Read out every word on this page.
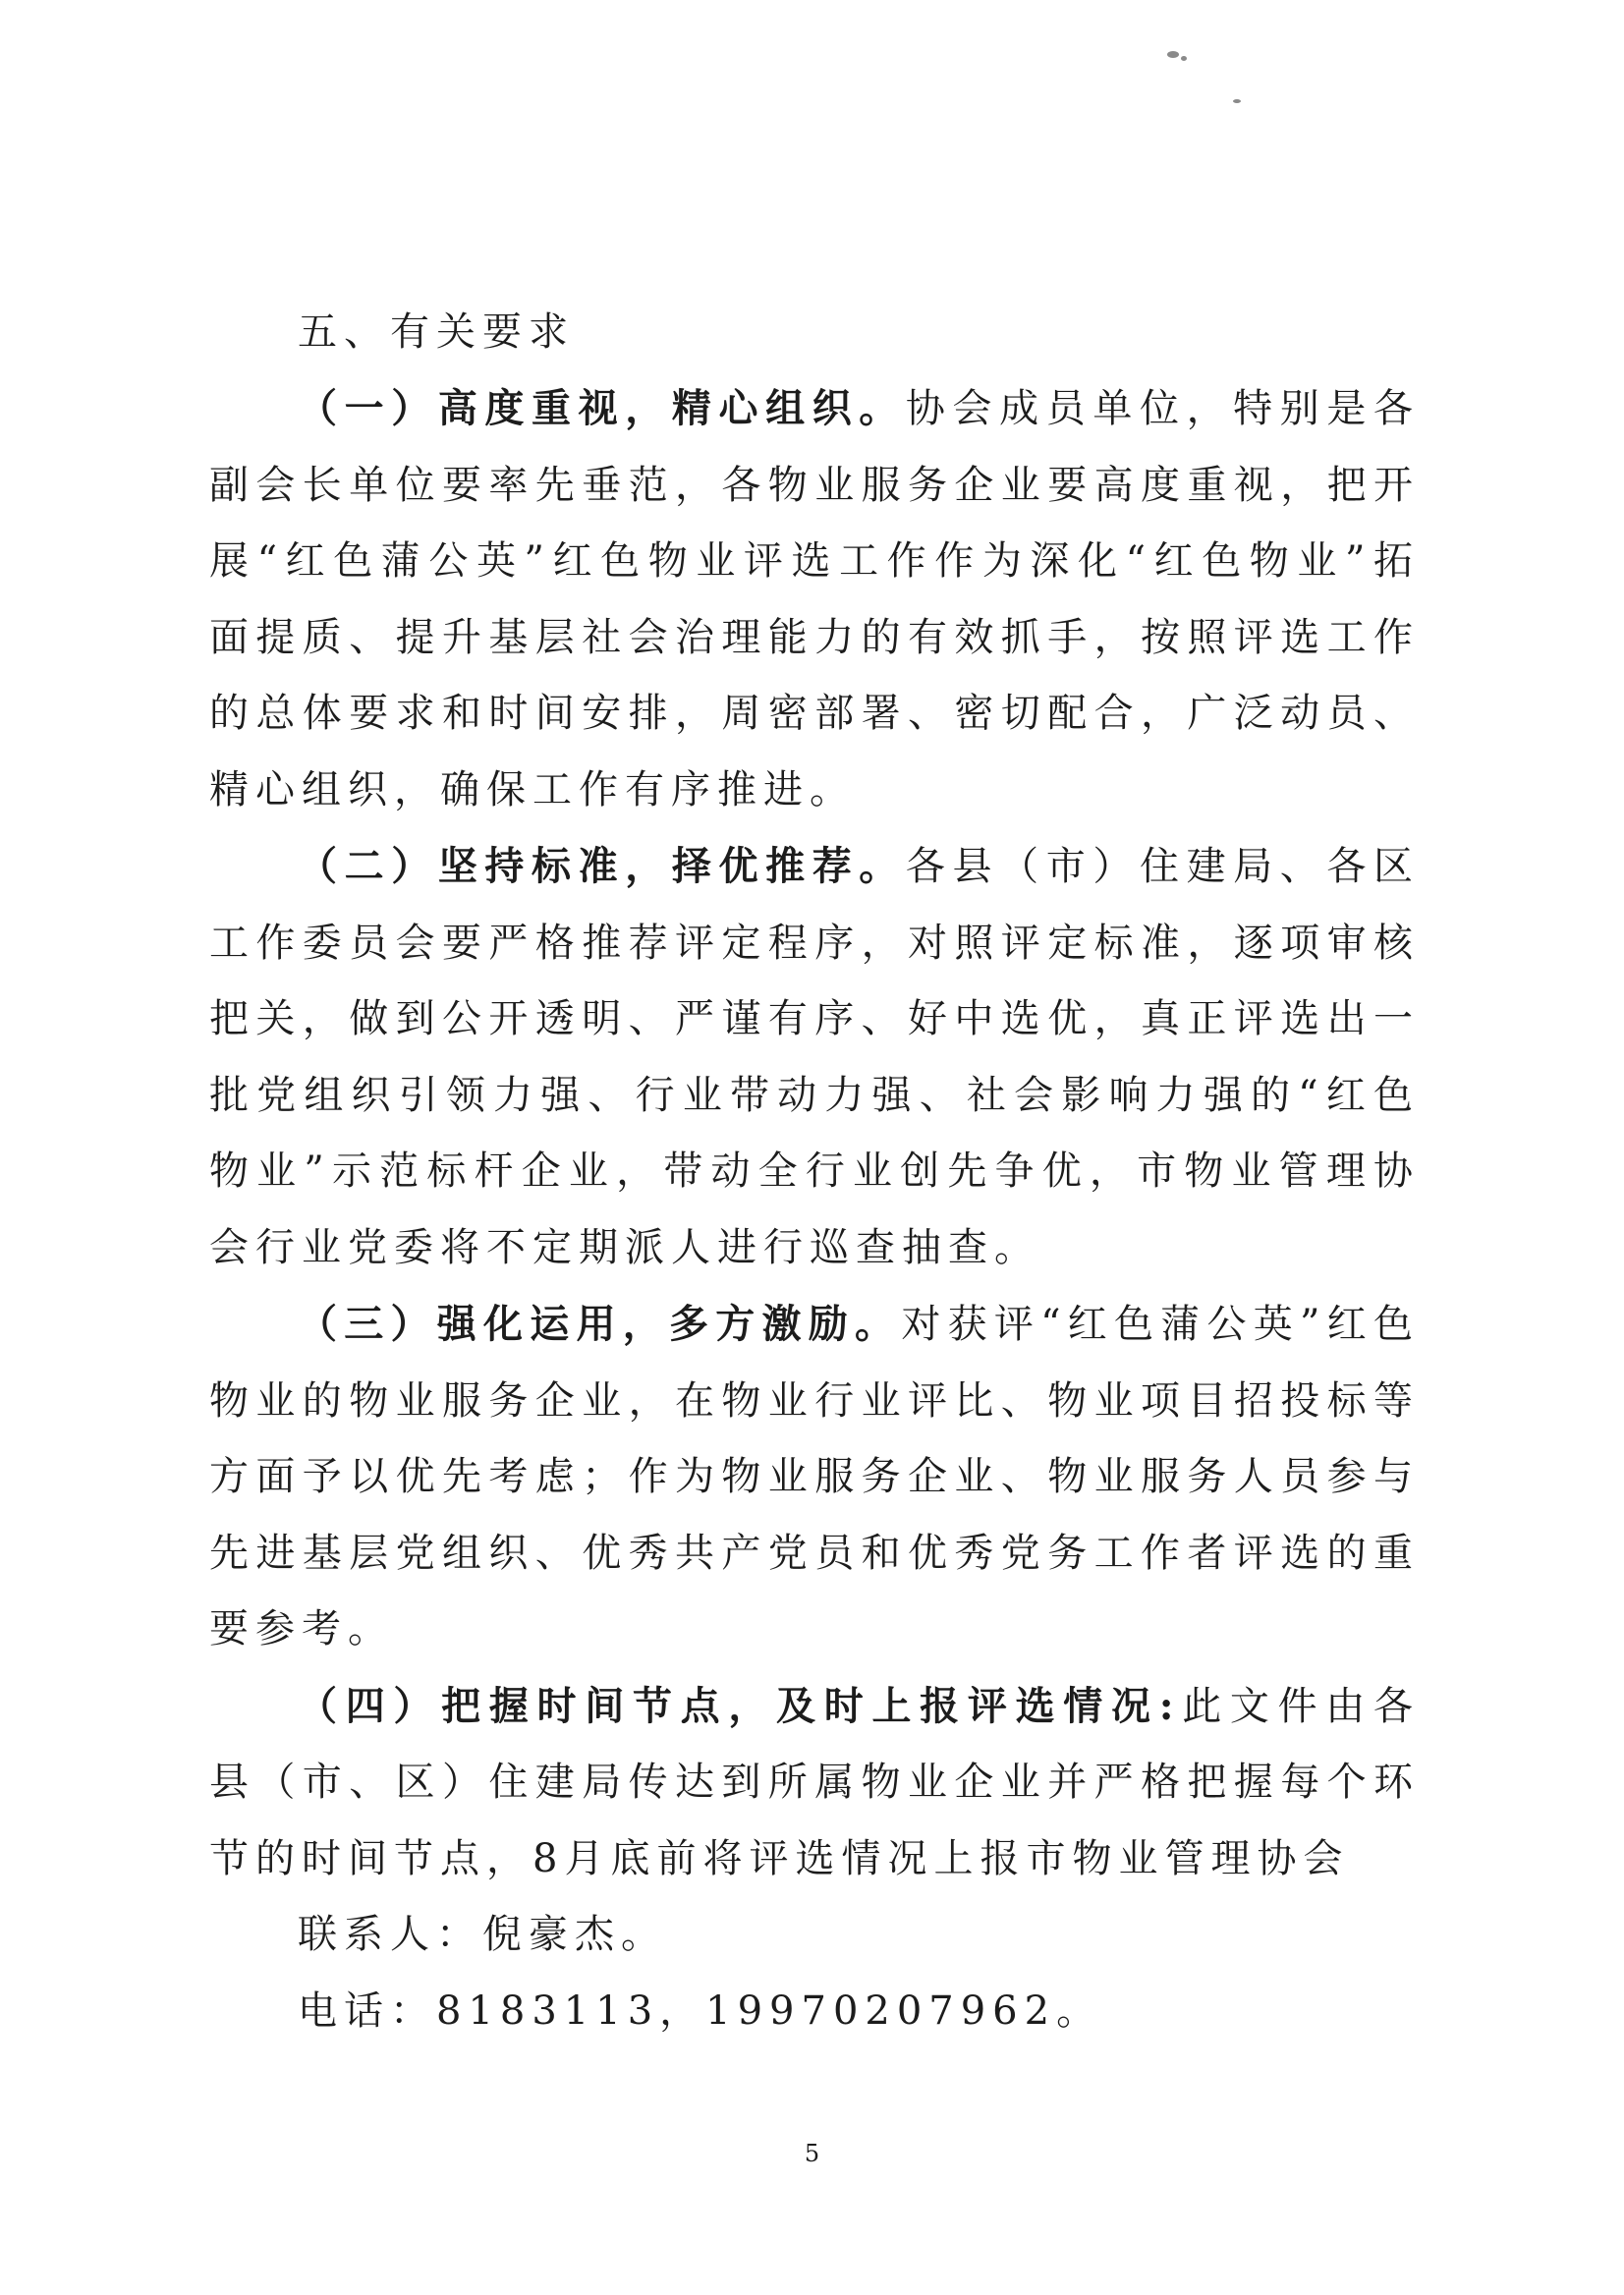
五、有关要求

（一）高度重视，精心组织。协会成员单位，特别是各副会长单位要率先垂范，各物业服务企业要高度重视，把开展“红色蒲公英”红色物业评选工作作为深化“红色物业”拓面提质、提升基层社会治理能力的有效抓手，按照评选工作的总体要求和时间安排，周密部署、密切配合，广泛动员、精心组织，确保工作有序推进。

（二）坚持标准，择优推荐。各县（市）住建局、各区工作委员会要严格推荐评定程序，对照评定标准，逐项审核把关，做到公开透明、严谨有序、好中选优，真正评选出一批党组织引领力强、行业带动力强、社会影响力强的“红色物业”示范标杆企业，带动全行业创先争优，市物业管理协会行业党委将不定期派人进行巡查抽查。

（三）强化运用，多方激励。对获评“红色蒲公英”红色物业的物业服务企业，在物业行业评比、物业项目招投标等方面予以优先考虑；作为物业服务企业、物业服务人员参与先进基层党组织、优秀共产党员和优秀党务工作者评选的重要参考。

（四）把握时间节点，及时上报评选情况:此文件由各县（市、区）住建局传达到所属物业企业并严格把握每个环节的时间节点，8月底前将评选情况上报市物业管理协会

联系人：倪豪杰。

电话：8183113，19970207962。

5
